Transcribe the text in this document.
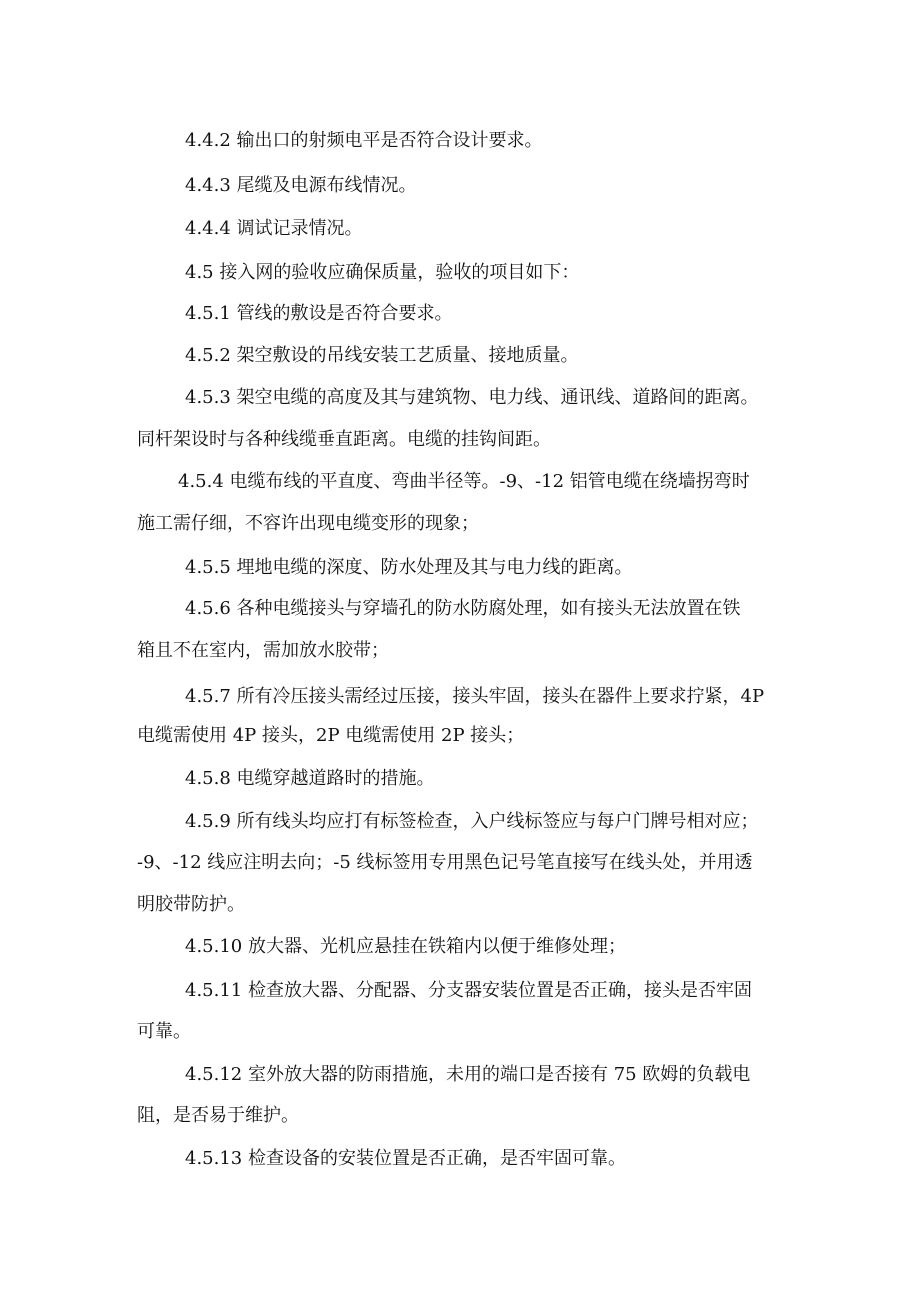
4.4.2 输出口的射频电平是否符合设计要求。
4.4.3 尾缆及电源布线情况。
4.4.4 调试记录情况。
4.5 接入网的验收应确保质量，验收的项目如下：
4.5.1 管线的敷设是否符合要求。
4.5.2 架空敷设的吊线安装工艺质量、接地质量。
4.5.3 架空电缆的高度及其与建筑物、电力线、通讯线、道路间的距离。
同杆架设时与各种线缆垂直距离。电缆的挂钩间距。
4.5.4 电缆布线的平直度、弯曲半径等。-9、-12 铝管电缆在绕墙拐弯时
施工需仔细，不容许出现电缆变形的现象；
4.5.5 埋地电缆的深度、防水处理及其与电力线的距离。
4.5.6 各种电缆接头与穿墙孔的防水防腐处理，如有接头无法放置在铁
箱且不在室内，需加放水胶带；
4.5.7 所有冷压接头需经过压接，接头牢固，接头在器件上要求拧紧，4P
电缆需使用 4P 接头，2P 电缆需使用 2P 接头；
4.5.8 电缆穿越道路时的措施。
4.5.9 所有线头均应打有标签检查，入户线标签应与每户门牌号相对应；
-9、-12 线应注明去向；-5 线标签用专用黑色记号笔直接写在线头处，并用透
明胶带防护。
4.5.10 放大器、光机应悬挂在铁箱内以便于维修处理；
4.5.11 检查放大器、分配器、分支器安装位置是否正确，接头是否牢固
可靠。
4.5.12 室外放大器的防雨措施，未用的端口是否接有 75 欧姆的负载电
阻，是否易于维护。
4.5.13 检查设备的安装位置是否正确，是否牢固可靠。
